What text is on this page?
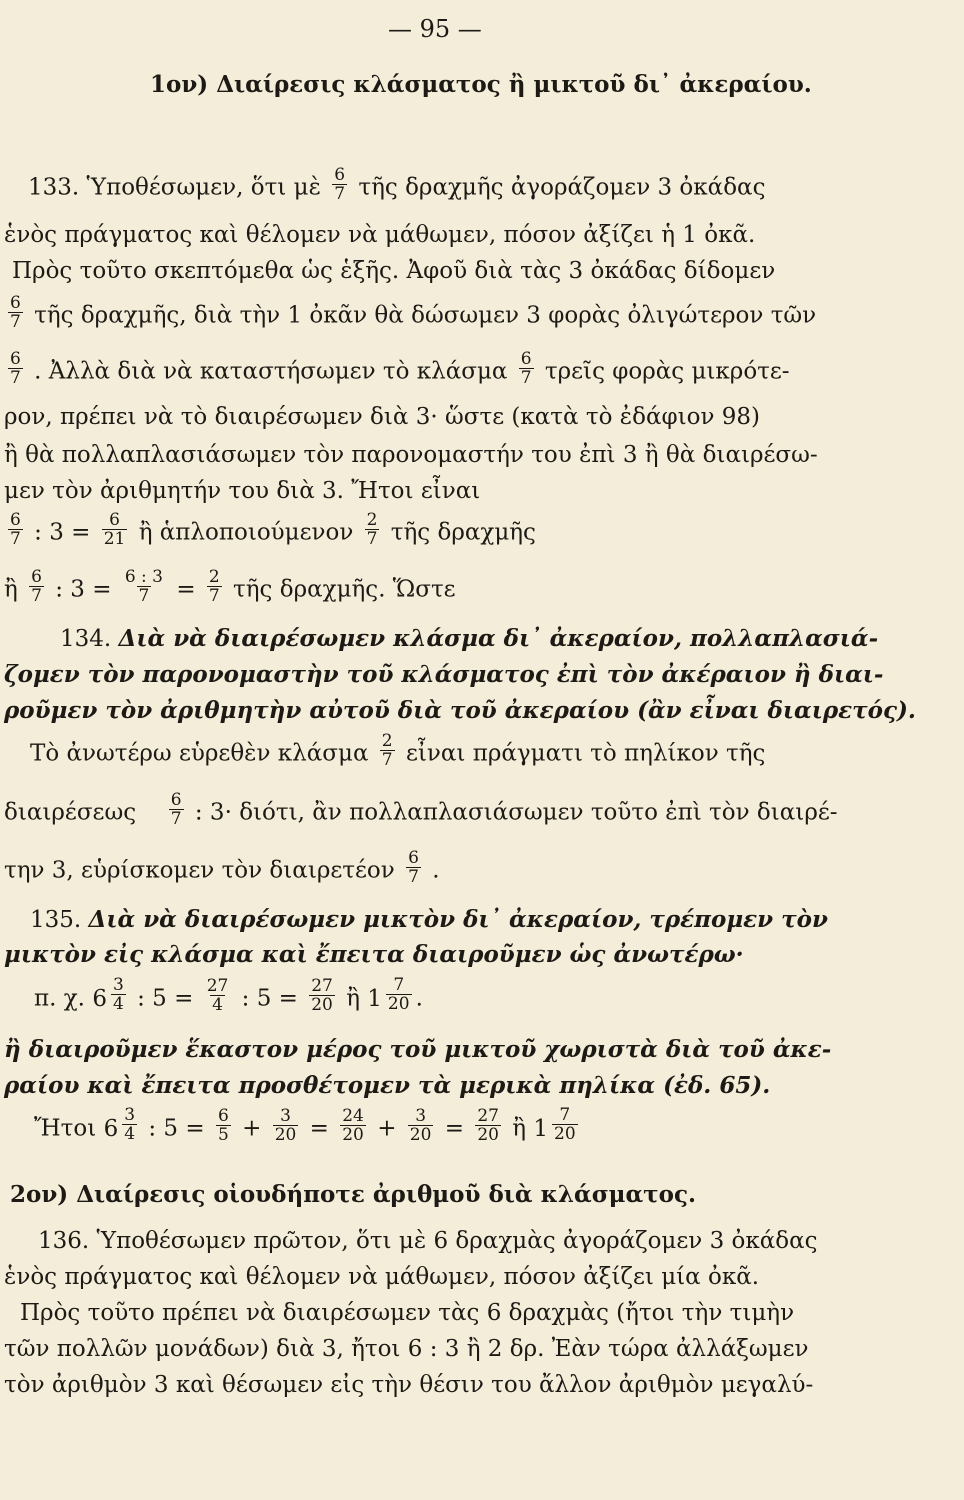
— 95 —
1ον) Διαίρεσις κλάσματος ἢ μικτοῦ δι᾽ ἀκεραίου.
133. Ὑποθέσωμεν, ὅτι μὲ $\frac{6}{7}$ τῆς δραχμῆς ἀγοράζομεν 3 ὀκάδας
ἑνὸς πράγματος καὶ θέλομεν νὰ μάθωμεν, πόσον ἀξίζει ἡ 1 ὀκᾶ.
Πρὸς τοῦτο σκεπτόμεθα ὡς ἑξῆς. Ἀφοῦ διὰ τὰς 3 ὀκάδας δίδομεν
$\frac{6}{7}$ τῆς δραχμῆς, διὰ τὴν 1 ὀκᾶν θὰ δώσωμεν 3 φορὰς ὀλιγώτερον τῶν
$\frac{6}{7}$ . Ἀλλὰ διὰ νὰ καταστήσωμεν τὸ κλάσμα $\frac{6}{7}$ τρεῖς φορὰς μικρότε-
ρον, πρέπει νὰ τὸ διαιρέσωμεν διὰ 3· ὥστε (κατὰ τὸ ἐδάφιον 98)
ἢ θὰ πολλαπλασιάσωμεν τὸν παρονομαστήν του ἐπὶ 3 ἢ θὰ διαιρέσω-
μεν τὸν ἀριθμητήν του διὰ 3. Ἤτοι εἶναι
$\frac{6}{7}$ : $3 = \frac{6}{21}$ ἢ ἁπλοποιούμενον $\frac{2}{7}$ τῆς δραχμῆς
ἢ $\frac{6}{7}$ : $3 = \frac{6 : 3}{7} = \frac{2}{7}$ τῆς δραχμῆς. Ὥστε
134. Διὰ νὰ διαιρέσωμεν κλάσμα δι᾽ ἀκεραίον, πολλαπλασιά-
ζομεν τὸν παρονομαστὴν τοῦ κλάσματος ἐπὶ τὸν ἀκέραιον ἢ διαι-
ροῦμεν τὸν ἀριθμητὴν αὐτοῦ διὰ τοῦ ἀκεραίου (ἂν εἶναι διαιρετός).
Τὸ ἀνωτέρω εὑρεθὲν κλάσμα $\frac{2}{7}$ εἶναι πράγματι τὸ πηλίκον τῆς
διαιρέσεως $\frac{6}{7}$ : 3· διότι, ἂν πολλαπλασιάσωμεν τοῦτο ἐπὶ τὸν διαιρέ-
την 3, εὑρίσκομεν τὸν διαιρετέον $\frac{6}{7}$ .
135. Διὰ νὰ διαιρέσωμεν μικτὸν δι᾽ ἀκεραίον, τρέπομεν τὸν
μικτὸν εἰς κλάσμα καὶ ἔπειτα διαιροῦμεν ὡς ἀνωτέρω·
π. χ. $6 \frac{3}{4}$ : $5 = \frac{27}{4}$ : $5 = \frac{27}{20}$ ἢ $1 \frac{7}{20}$ .
ἢ διαιροῦμεν ἕκαστον μέρος τοῦ μικτοῦ χωριστὰ διὰ τοῦ ἀκε-
ραίου καὶ ἔπειτα προσθέτομεν τὰ μερικὰ πηλίκα (ἐδ. 65).
Ἤτοι $6 \frac{3}{4}$ : $5 = \frac{6}{5} + \frac{3}{20} = \frac{24}{20} + \frac{3}{20} = \frac{27}{20}$ ἢ $1 \frac{7}{20}$
2ον) Διαίρεσις οἱουδήποτε ἀριθμοῦ διὰ κλάσματος.
136. Ὑποθέσωμεν πρῶτον, ὅτι μὲ 6 δραχμὰς ἀγοράζομεν 3 ὀκάδας
ἑνὸς πράγματος καὶ θέλομεν νὰ μάθωμεν, πόσον ἀξίζει μία ὀκᾶ.
Πρὸς τοῦτο πρέπει νὰ διαιρέσωμεν τὰς 6 δραχμὰς (ἤτοι τὴν τιμὴν
τῶν πολλῶν μονάδων) διὰ 3, ἤτοι 6 : 3 ἢ 2 δρ. Ἐὰν τώρα ἀλλάξωμεν
τὸν ἀριθμὸν 3 καὶ θέσωμεν εἰς τὴν θέσιν του ἄλλον ἀριθμὸν μεγαλύ-
